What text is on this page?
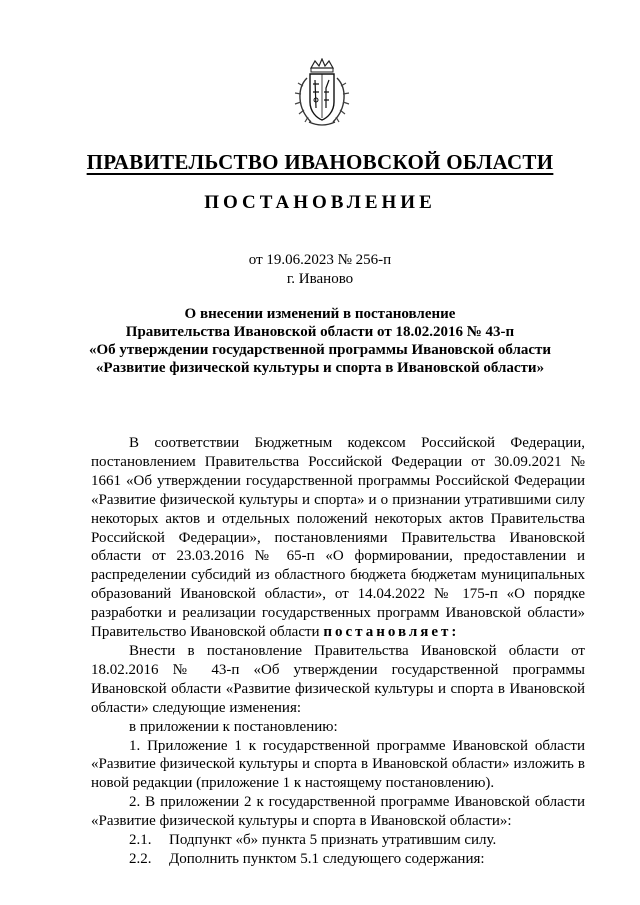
ПРАВИТЕЛЬСТВО ИВАНОВСКОЙ ОБЛАСТИ
ПОСТАНОВЛЕНИЕ
от 19.06.2023 № 256-п
г. Иваново
О внесении изменений в постановление
Правительства Ивановской области от 18.02.2016 № 43-п
«Об утверждении государственной программы Ивановской области
«Развитие физической культуры и спорта в Ивановской области»

В соответствии Бюджетным кодексом Российской Федерации, постановлением Правительства Российской Федерации от 30.09.2021 № 1661 «Об утверждении государственной программы Российской Федерации «Развитие физической культуры и спорта» и о признании утратившими силу некоторых актов и отдельных положений некоторых актов Правительства Российской Федерации», постановлениями Правительства Ивановской области от 23.03.2016 № 65-п «О формировании, предоставлении и распределении субсидий из областного бюджета бюджетам муниципальных образований Ивановской области», от 14.04.2022 № 175-п «О порядке разработки и реализации государственных программ Ивановской области» Правительство Ивановской области постановляет:

Внести в постановление Правительства Ивановской области от 18.02.2016 № 43-п «Об утверждении государственной программы Ивановской области «Развитие физической культуры и спорта в Ивановской области» следующие изменения:

в приложении к постановлению:

1. Приложение 1 к государственной программе Ивановской области «Развитие физической культуры и спорта в Ивановской области» изложить в новой редакции (приложение 1 к настоящему постановлению).

2. В приложении 2 к государственной программе Ивановской области «Развитие физической культуры и спорта в Ивановской области»:

2.1.	Подпункт «б» пункта 5 признать утратившим силу.
2.2.	Дополнить пунктом 5.1 следующего содержания:
